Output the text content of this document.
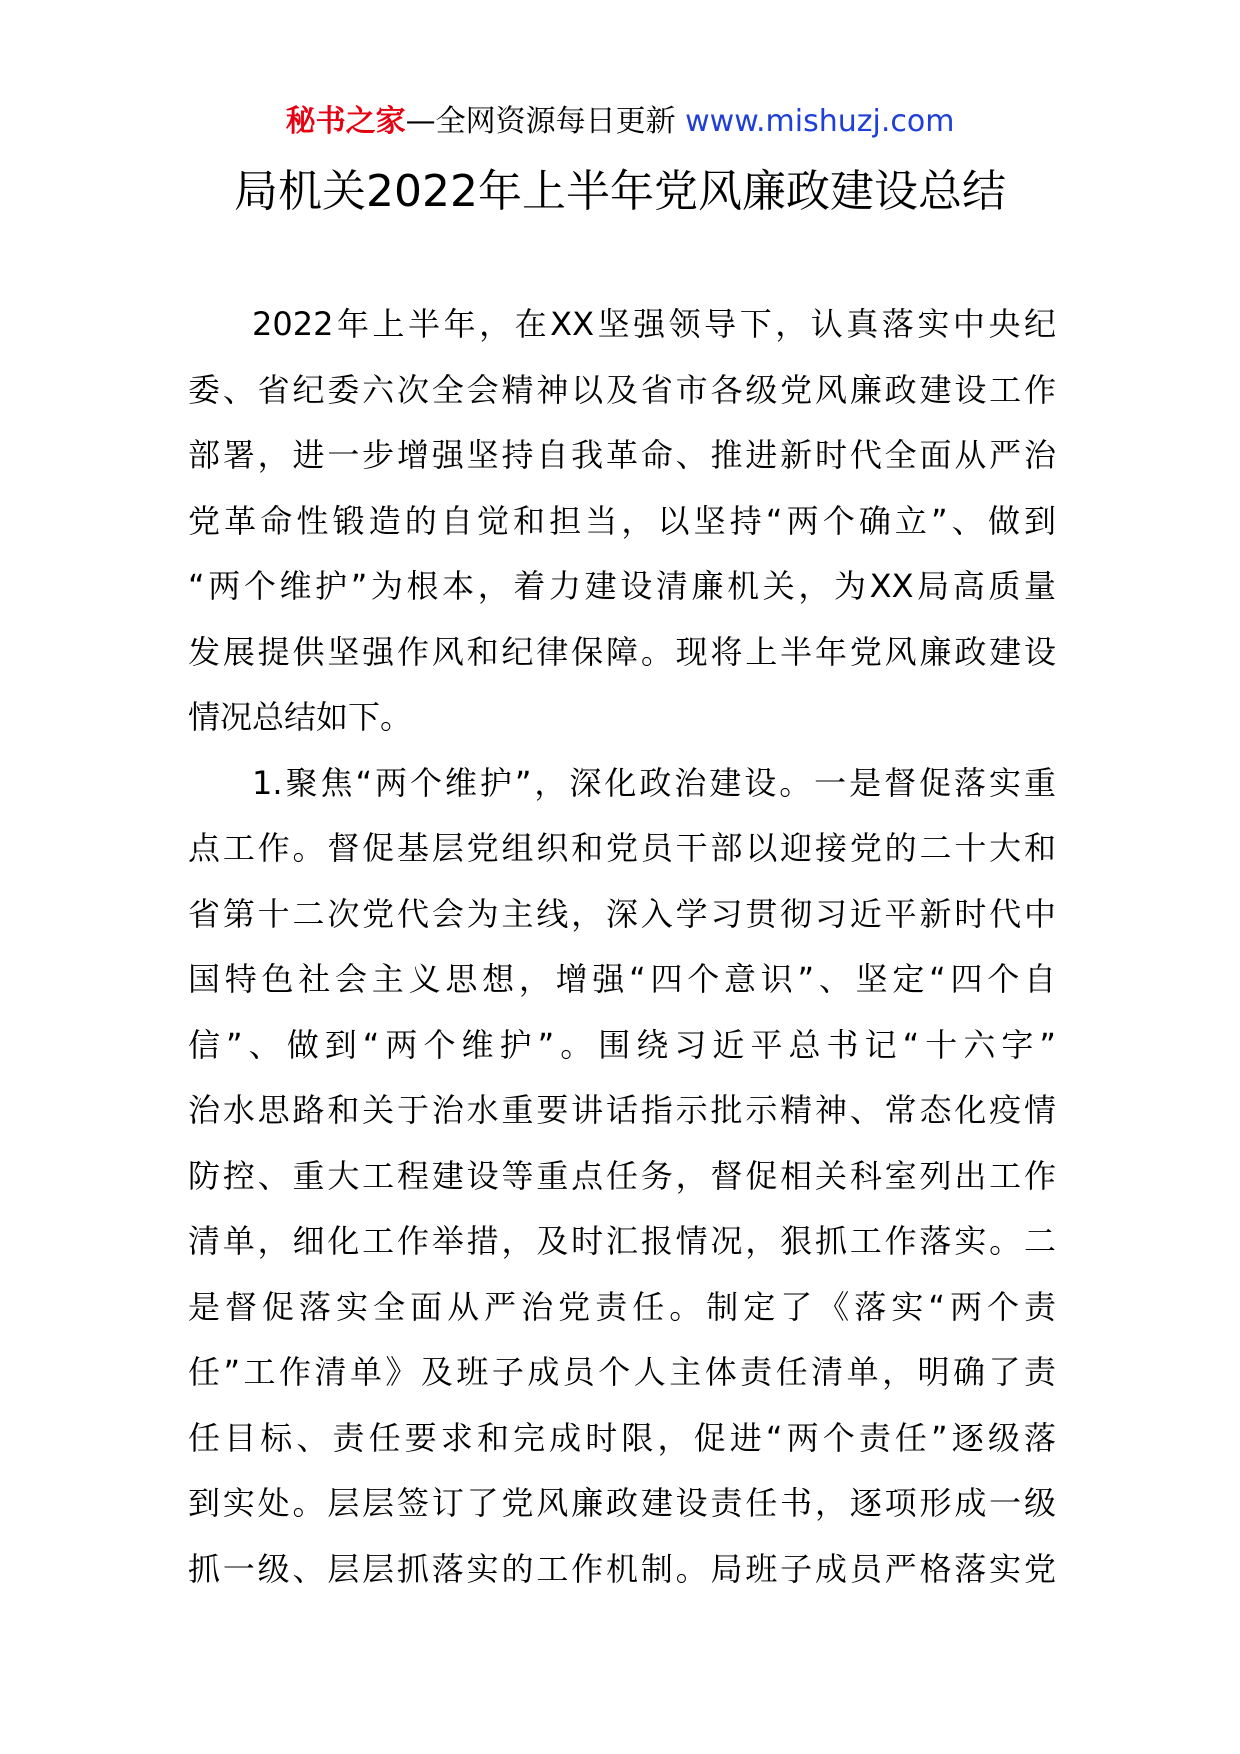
秘书之家—全网资源每日更新 www.mishuzj.com
局机关2022年上半年党风廉政建设总结
2022年上半年，在XX坚强领导下，认真落实中央纪
委、省纪委六次全会精神以及省市各级党风廉政建设工作
部署，进一步增强坚持自我革命、推进新时代全面从严治
党革命性锻造的自觉和担当，以坚持“两个确立”、做到
“两个维护”为根本，着力建设清廉机关，为XX局高质量
发展提供坚强作风和纪律保障。现将上半年党风廉政建设
情况总结如下。
1.聚焦“两个维护”，深化政治建设。一是督促落实重
点工作。督促基层党组织和党员干部以迎接党的二十大和
省第十二次党代会为主线，深入学习贯彻习近平新时代中
国特色社会主义思想，增强“四个意识”、坚定“四个自
信”、做到“两个维护”。围绕习近平总书记“十六字”
治水思路和关于治水重要讲话指示批示精神、常态化疫情
防控、重大工程建设等重点任务，督促相关科室列出工作
清单，细化工作举措，及时汇报情况，狠抓工作落实。二
是督促落实全面从严治党责任。制定了《落实“两个责
任”工作清单》及班子成员个人主体责任清单，明确了责
任目标、责任要求和完成时限，促进“两个责任”逐级落
到实处。层层签订了党风廉政建设责任书，逐项形成一级
抓一级、层层抓落实的工作机制。局班子成员严格落实党
